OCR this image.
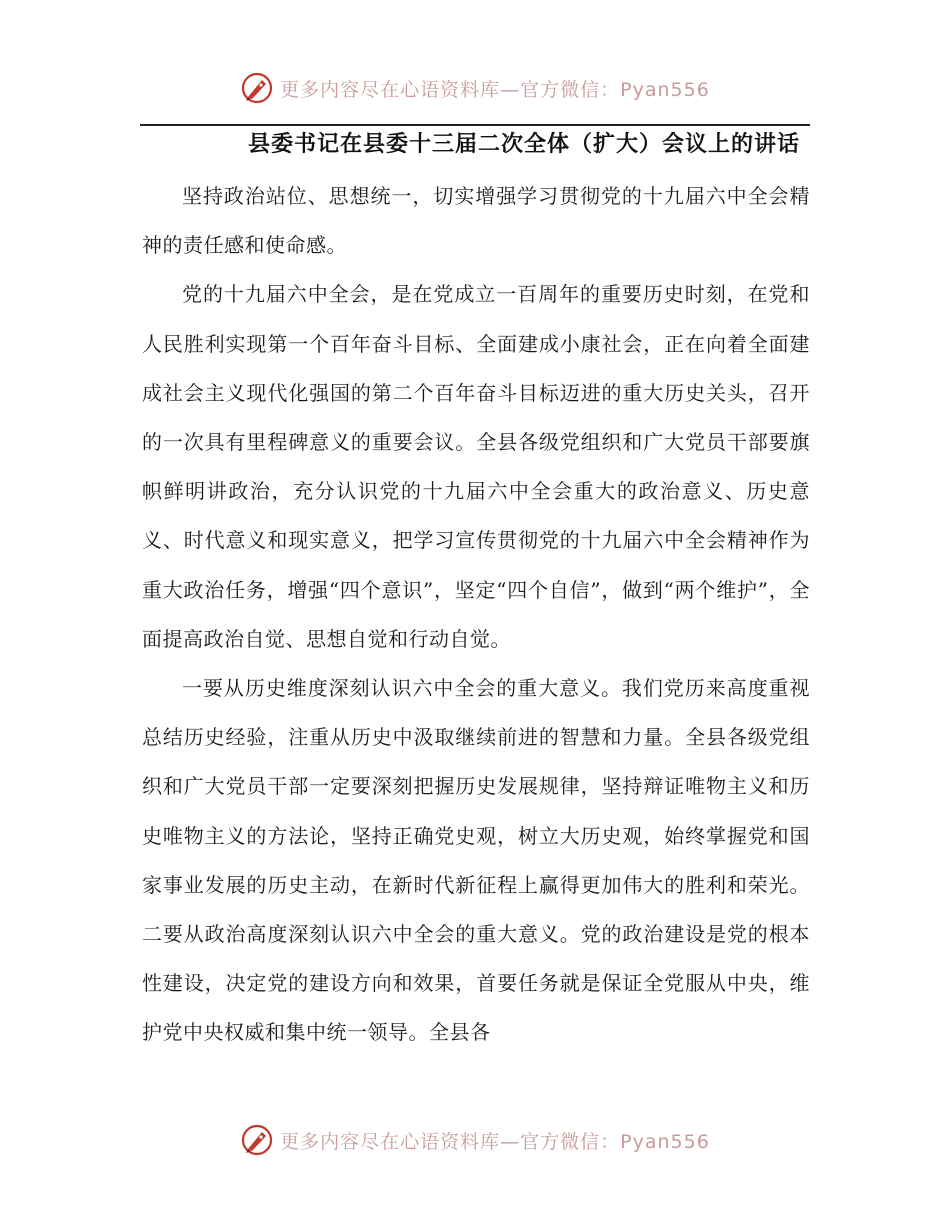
更多内容尽在心语资料库—官方微信：Pyan556
县委书记在县委十三届二次全体（扩大）会议上的讲话

坚持政治站位、思想统一，切实增强学习贯彻党的十九届六中全会精神的责任感和使命感。

党的十九届六中全会，是在党成立一百周年的重要历史时刻，在党和人民胜利实现第一个百年奋斗目标、全面建成小康社会，正在向着全面建成社会主义现代化强国的第二个百年奋斗目标迈进的重大历史关头，召开的一次具有里程碑意义的重要会议。全县各级党组织和广大党员干部要旗帜鲜明讲政治，充分认识党的十九届六中全会重大的政治意义、历史意义、时代意义和现实意义，把学习宣传贯彻党的十九届六中全会精神作为重大政治任务，增强“四个意识”，坚定“四个自信”，做到“两个维护”，全面提高政治自觉、思想自觉和行动自觉。

一要从历史维度深刻认识六中全会的重大意义。我们党历来高度重视总结历史经验，注重从历史中汲取继续前进的智慧和力量。全县各级党组织和广大党员干部一定要深刻把握历史发展规律，坚持辩证唯物主义和历史唯物主义的方法论，坚持正确党史观，树立大历史观，始终掌握党和国家事业发展的历史主动，在新时代新征程上赢得更加伟大的胜利和荣光。二要从政治高度深刻认识六中全会的重大意义。党的政治建设是党的根本性建设，决定党的建设方向和效果，首要任务就是保证全党服从中央，维护党中央权威和集中统一领导。全县各

更多内容尽在心语资料库—官方微信：Pyan556
